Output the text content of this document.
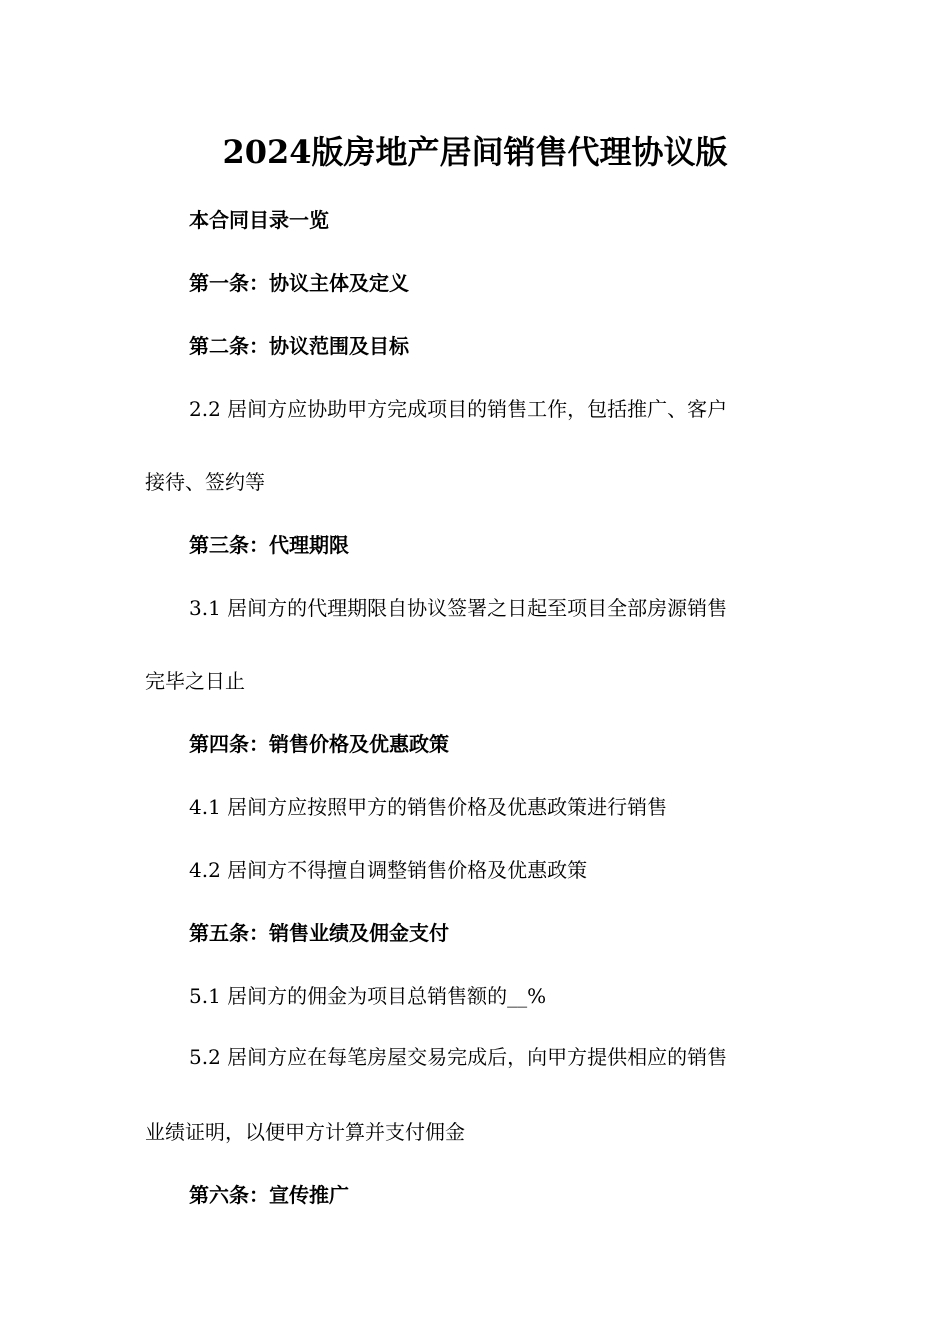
2024版房地产居间销售代理协议版

本合同目录一览

第一条：协议主体及定义

第二条：协议范围及目标

2.2 居间方应协助甲方完成项目的销售工作，包括推广、客户

接待、签约等

第三条：代理期限

3.1 居间方的代理期限自协议签署之日起至项目全部房源销售

完毕之日止

第四条：销售价格及优惠政策

4.1 居间方应按照甲方的销售价格及优惠政策进行销售

4.2 居间方不得擅自调整销售价格及优惠政策

第五条：销售业绩及佣金支付

5.1 居间方的佣金为项目总销售额的__%

5.2 居间方应在每笔房屋交易完成后，向甲方提供相应的销售

业绩证明，以便甲方计算并支付佣金

第六条：宣传推广
